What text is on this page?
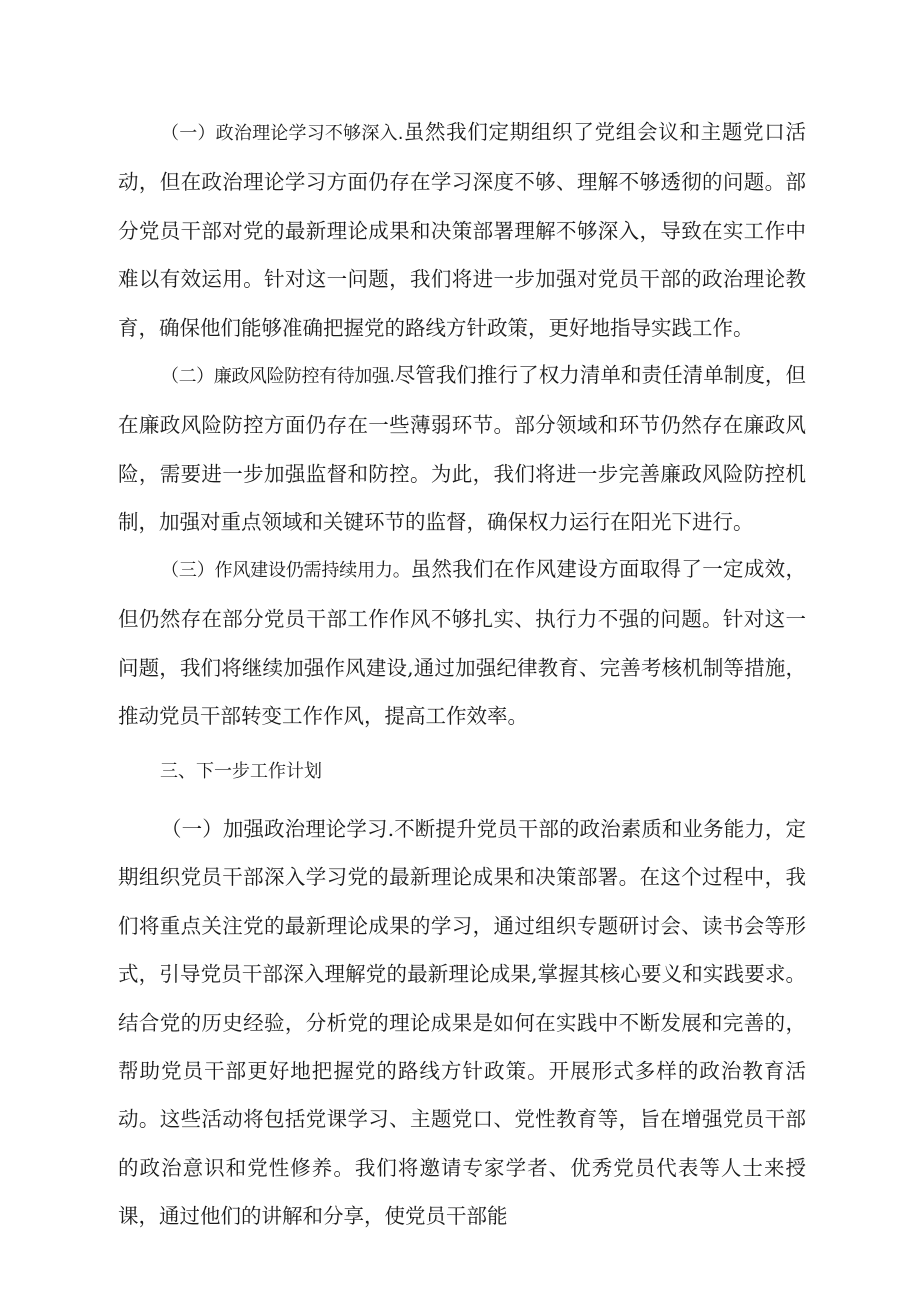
（一）政治理论学习不够深入.虽然我们定期组织了党组会议和主题党口活动，但在政治理论学习方面仍存在学习深度不够、理解不够透彻的问题。部分党员干部对党的最新理论成果和决策部署理解不够深入，导致在实工作中难以有效运用。针对这一问题，我们将进一步加强对党员干部的政治理论教育，确保他们能够准确把握党的路线方针政策，更好地指导实践工作。

（二）廉政风险防控有待加强.尽管我们推行了权力清单和责任清单制度，但在廉政风险防控方面仍存在一些薄弱环节。部分领域和环节仍然存在廉政风险，需要进一步加强监督和防控。为此，我们将进一步完善廉政风险防控机制，加强对重点领域和关键环节的监督，确保权力运行在阳光下进行。

（三）作风建设仍需持续用力。虽然我们在作风建设方面取得了一定成效，但仍然存在部分党员干部工作作风不够扎实、执行力不强的问题。针对这一问题，我们将继续加强作风建设,通过加强纪律教育、完善考核机制等措施，推动党员干部转变工作作风，提高工作效率。

三、下一步工作计划

（一）加强政治理论学习.不断提升党员干部的政治素质和业务能力，定期组织党员干部深入学习党的最新理论成果和决策部署。在这个过程中，我们将重点关注党的最新理论成果的学习，通过组织专题研讨会、读书会等形式，引导党员干部深入理解党的最新理论成果,掌握其核心要义和实践要求。结合党的历史经验，分析党的理论成果是如何在实践中不断发展和完善的，帮助党员干部更好地把握党的路线方针政策。开展形式多样的政治教育活动。这些活动将包括党课学习、主题党口、党性教育等，旨在增强党员干部的政治意识和党性修养。我们将邀请专家学者、优秀党员代表等人士来授课，通过他们的讲解和分享，使党员干部能
